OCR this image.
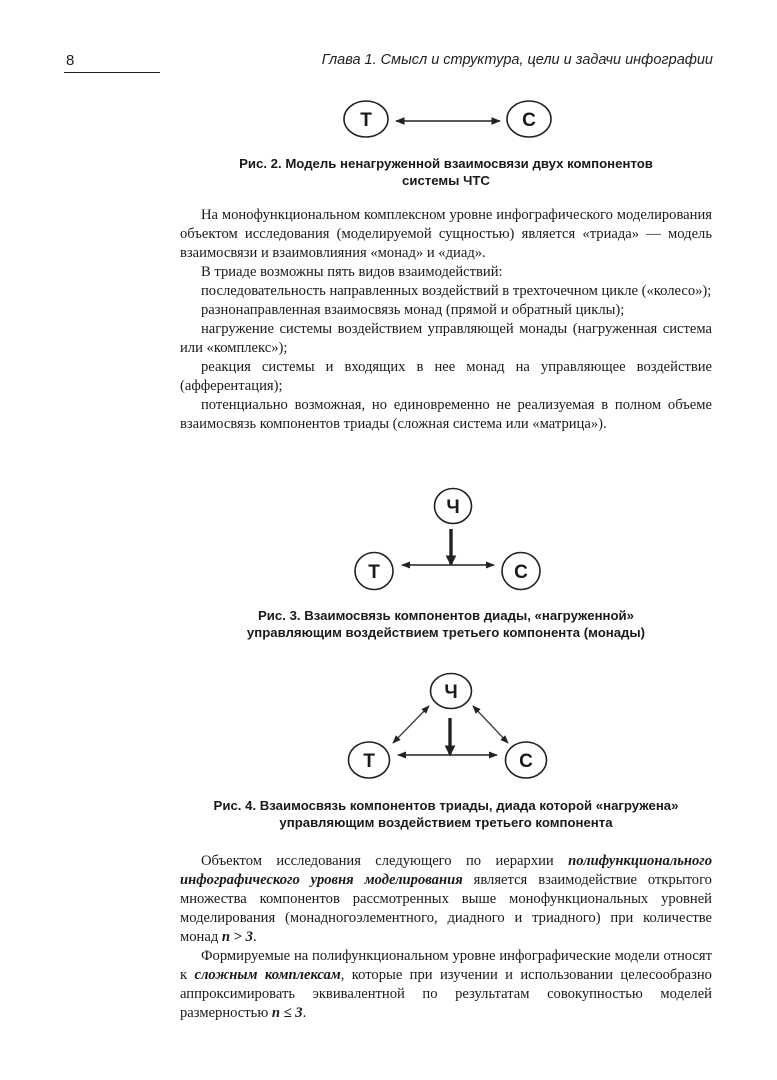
8	Глава 1. Смысл и структура, цели и задачи инфографии
Т	С
Ч
Т	С
Ч
Т	С
Рис. 2. Модель ненагруженной взаимосвязи двух компонентов
системы ЧТС

На монофункциональном комплексном уровне инфографического моделирования объектом исследования (моделируемой сущностью) является «триада» — модель взаимосвязи и взаимовлияния «монад» и «диад».

В триаде возможны пять видов взаимодействий:

последовательность направленных воздействий в трехточечном цикле («колесо»);

разнонаправленная взаимосвязь монад (прямой и обратный циклы);

нагружение системы воздействием управляющей монады (нагруженная система или «комплекс»);

реакция системы и входящих в нее монад на управляющее воздействие (афферентация);

потенциально возможная, но единовременно не реализуемая в полном объеме взаимосвязь компонентов триады (сложная система или «матрица»).

Рис. 3. Взаимосвязь компонентов диады, «нагруженной»
управляющим воздействием третьего компонента (монады)
Рис. 4. Взаимосвязь компонентов триады, диада которой «нагружена»
управляющим воздействием третьего компонента

Объектом исследования следующего по иерархии полифункционального инфографического уровня моделирования является взаимодействие открытого множества компонентов рассмотренных выше монофункциональных уровней моделирования (монадногоэлементного, диадного и триадного) при количестве монад n > 3.

Формируемые на полифункциональном уровне инфографические модели относят к сложным комплексам, которые при изучении и использовании целесообразно аппроксимировать эквивалентной по результатам совокупностью моделей размерностью n ≤ 3.
